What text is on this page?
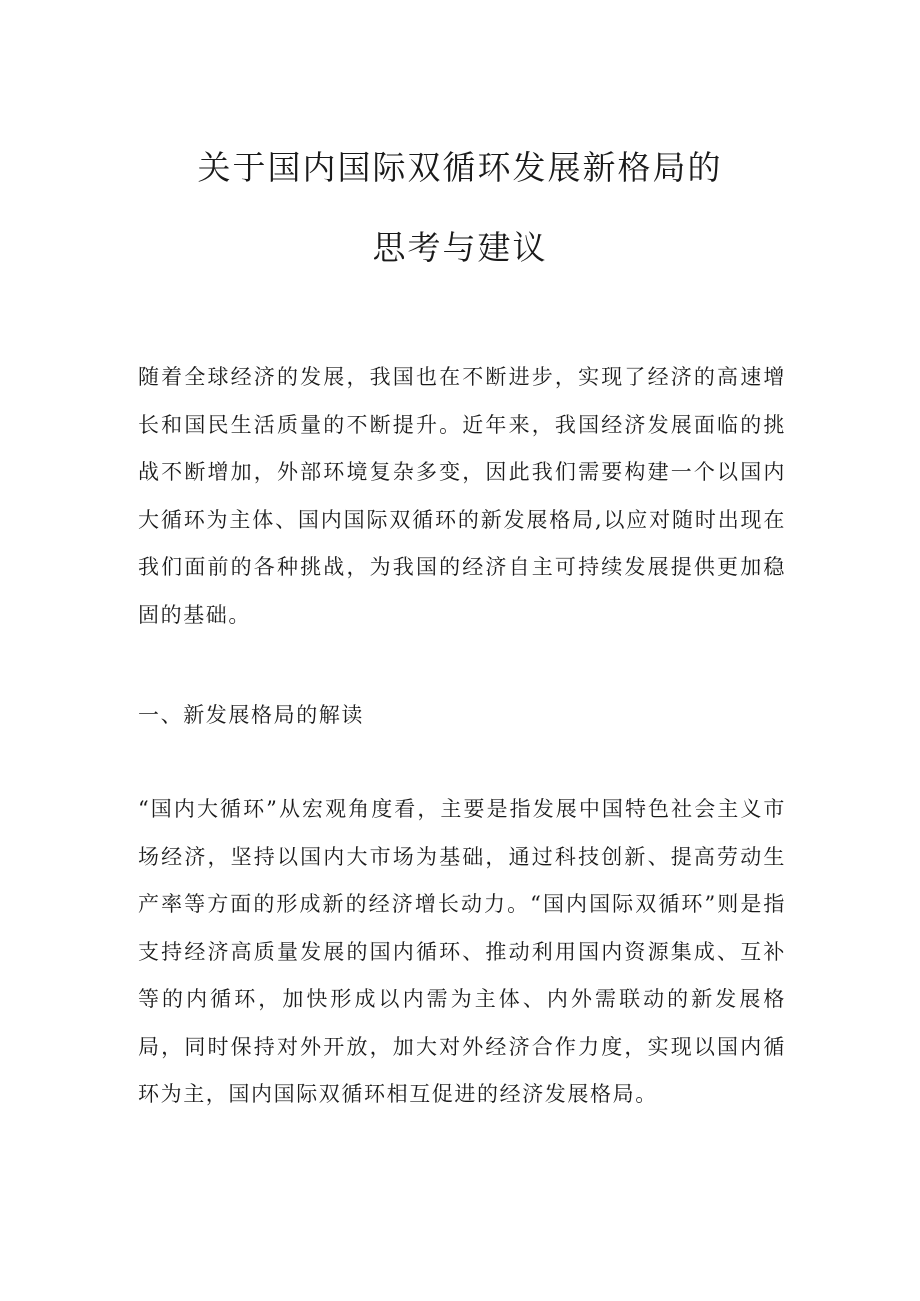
关于国内国际双循环发展新格局的
思考与建议

随着全球经济的发展，我国也在不断进步，实现了经济的高速增长和国民生活质量的不断提升。近年来，我国经济发展面临的挑战不断增加，外部环境复杂多变，因此我们需要构建一个以国内大循环为主体、国内国际双循环的新发展格局,以应对随时出现在我们面前的各种挑战，为我国的经济自主可持续发展提供更加稳固的基础。

一、新发展格局的解读

“国内大循环”从宏观角度看，主要是指发展中国特色社会主义市场经济，坚持以国内大市场为基础，通过科技创新、提高劳动生产率等方面的形成新的经济增长动力。“国内国际双循环”则是指支持经济高质量发展的国内循环、推动利用国内资源集成、互补等的内循环，加快形成以内需为主体、内外需联动的新发展格局，同时保持对外开放，加大对外经济合作力度，实现以国内循环为主，国内国际双循环相互促进的经济发展格局。
